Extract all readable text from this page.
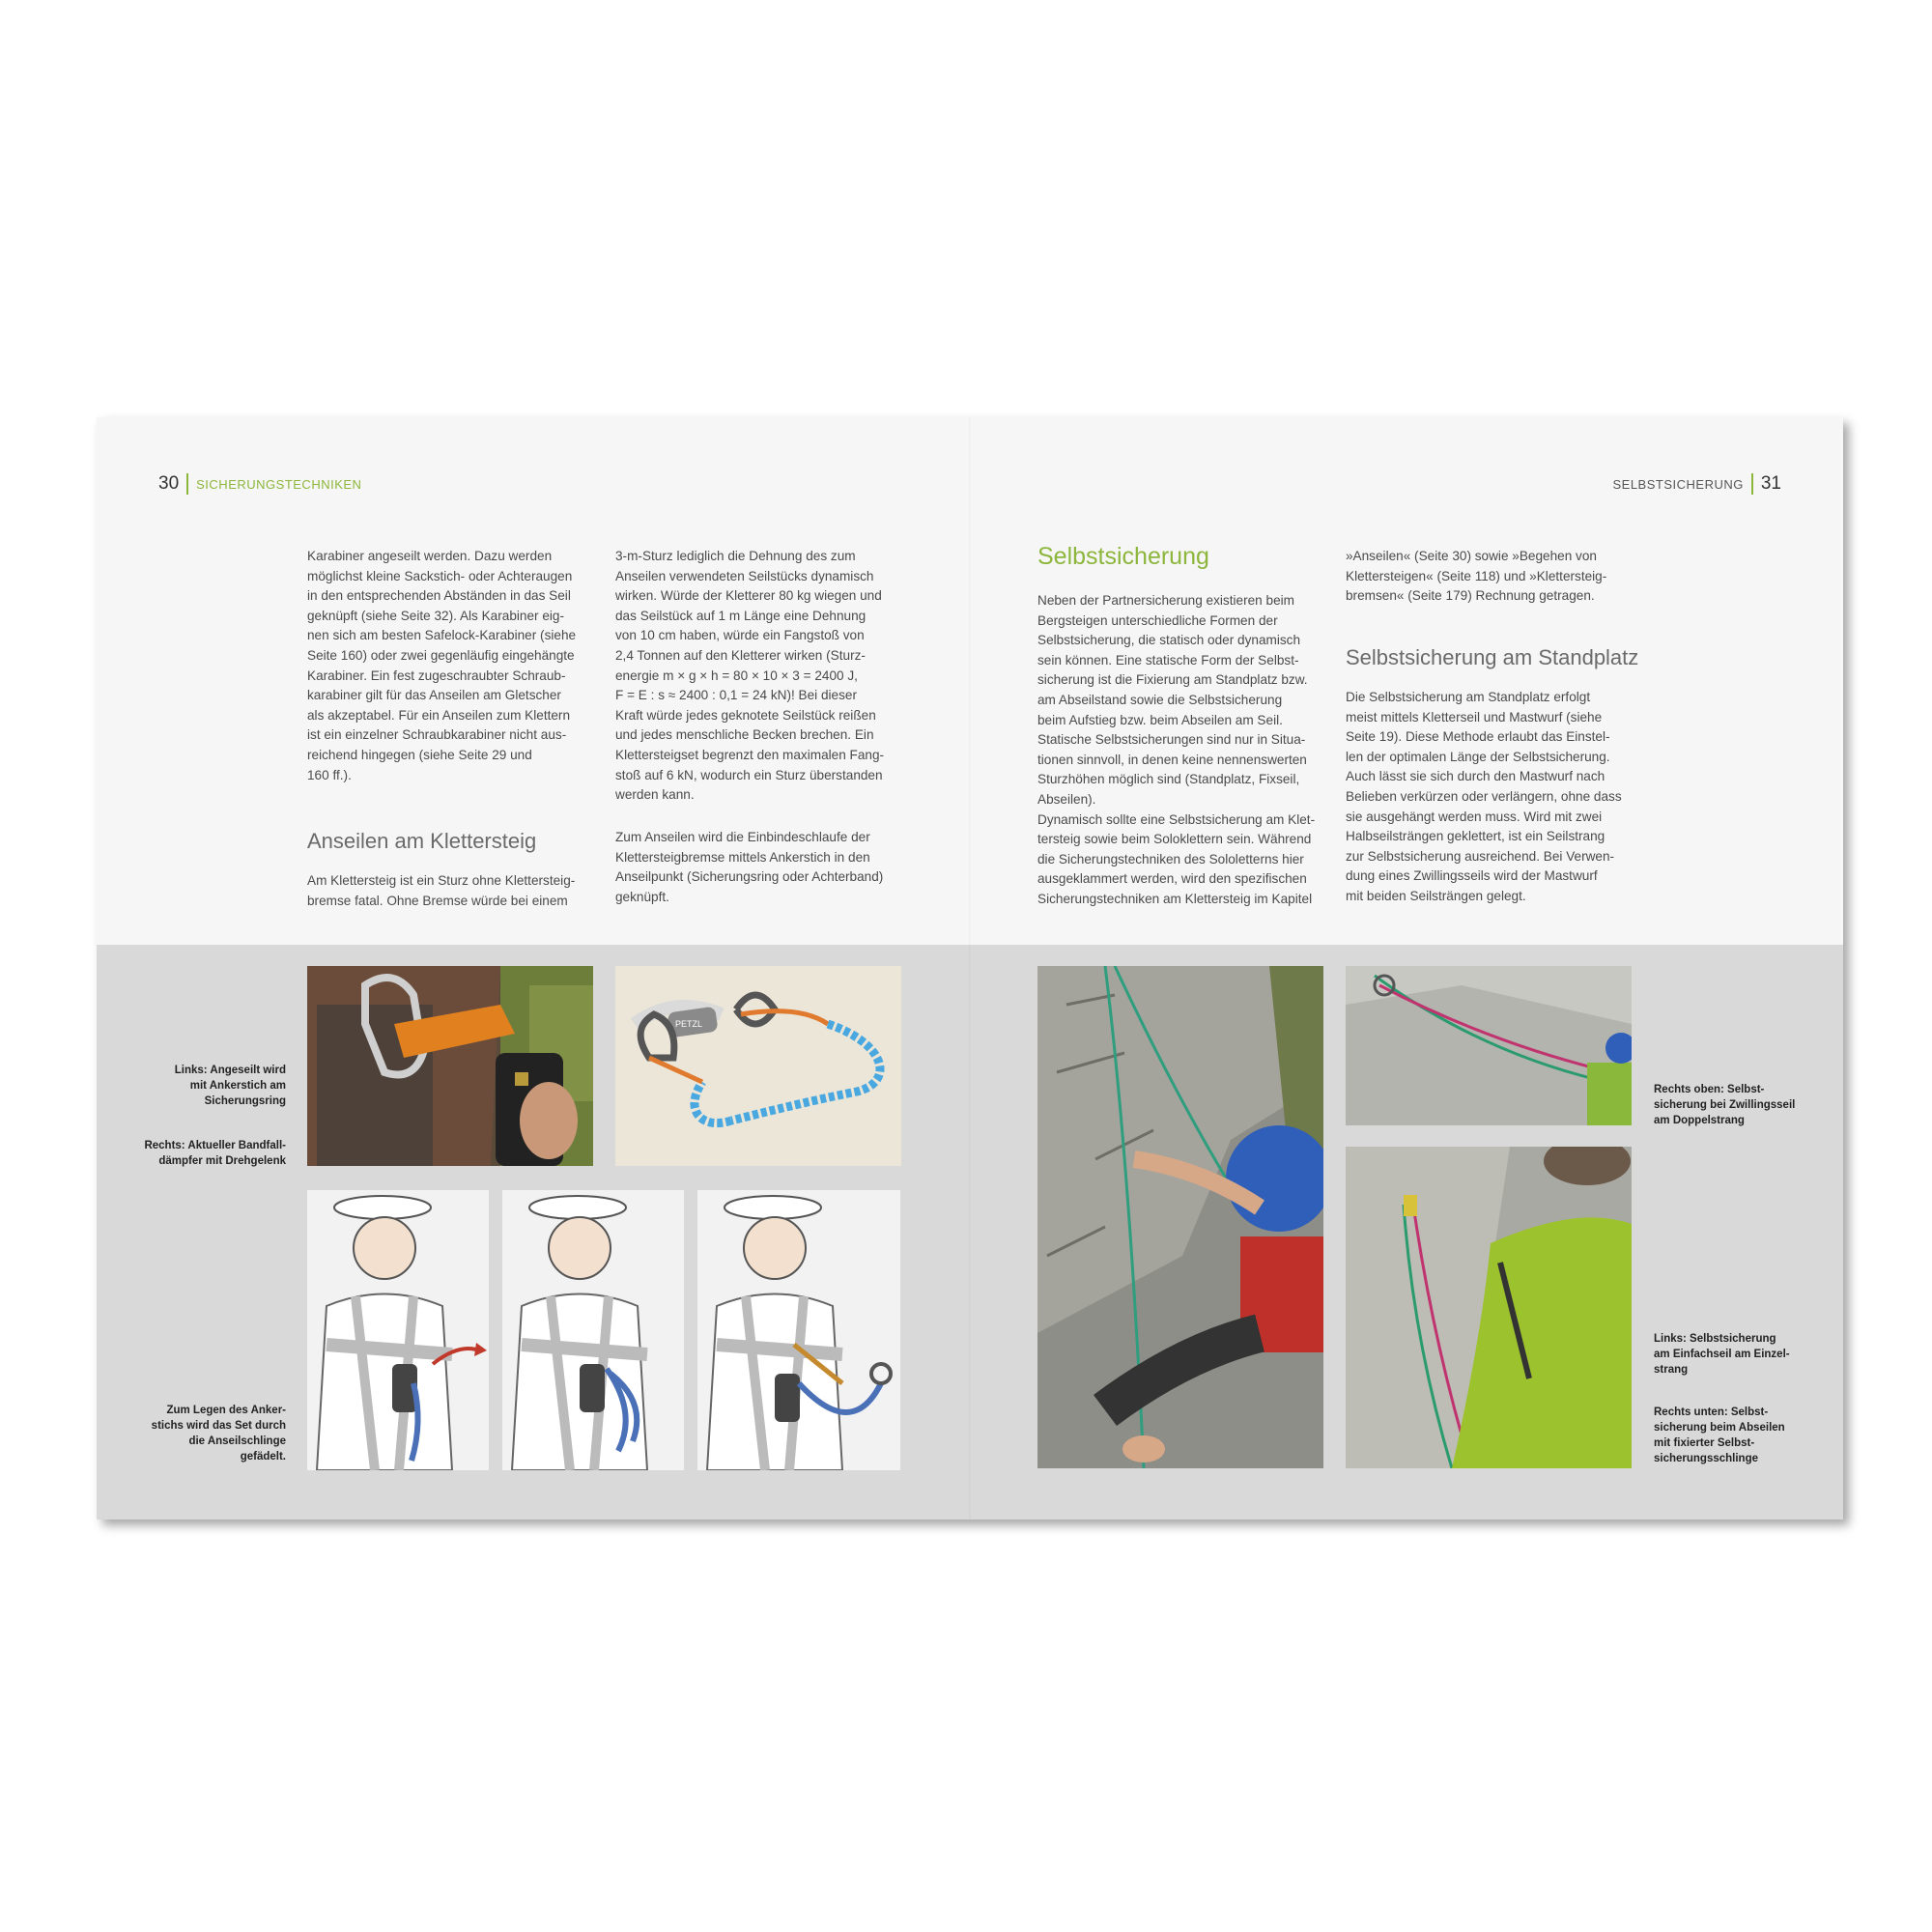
30 SICHERUNGSTECHNIKEN	SELBSTSICHERUNG 31
Karabiner angeseilt werden. Dazu werden
möglichst kleine Sackstich- oder Achteraugen
in den entsprechenden Abständen in das Seil
geknüpft (siehe Seite 32). Als Karabiner eig-
nen sich am besten Safelock-Karabiner (siehe
Seite 160) oder zwei gegenläufig eingehängte
Karabiner. Ein fest zugeschraubter Schraub-
karabiner gilt für das Anseilen am Gletscher
als akzeptabel. Für ein Anseilen zum Klettern
ist ein einzelner Schraubkarabiner nicht aus-
reichend hingegen (siehe Seite 29 und
160 ff.).
Anseilen am Klettersteig
Am Klettersteig ist ein Sturz ohne Klettersteig-
bremse fatal. Ohne Bremse würde bei einem
3-m-Sturz lediglich die Dehnung des zum
Anseilen verwendeten Seilstücks dynamisch
wirken. Würde der Kletterer 80 kg wiegen und
das Seilstück auf 1 m Länge eine Dehnung
von 10 cm haben, würde ein Fangstoß von
2,4 Tonnen auf den Kletterer wirken (Sturz-
energie m × g × h = 80 × 10 × 3 = 2400 J,
F = E : s ≈ 2400 : 0,1 = 24 kN)! Bei dieser
Kraft würde jedes geknotete Seilstück reißen
und jedes menschliche Becken brechen. Ein
Klettersteigset begrenzt den maximalen Fang-
stoß auf 6 kN, wodurch ein Sturz überstanden
werden kann.
Zum Anseilen wird die Einbindeschlaufe der
Klettersteigbremse mittels Ankerstich in den
Anseilpunkt (Sicherungsring oder Achterband)
geknüpft.
Selbstsicherung
Neben der Partnersicherung existieren beim
Bergsteigen unterschiedliche Formen der
Selbstsicherung, die statisch oder dynamisch
sein können. Eine statische Form der Selbst-
sicherung ist die Fixierung am Standplatz bzw.
am Abseilstand sowie die Selbstsicherung
beim Aufstieg bzw. beim Abseilen am Seil.
Statische Selbstsicherungen sind nur in Situa-
tionen sinnvoll, in denen keine nennenswerten
Sturzhöhen möglich sind (Standplatz, Fixseil,
Abseilen).
Dynamisch sollte eine Selbstsicherung am Klet-
tersteig sowie beim Soloklettern sein. Während
die Sicherungstechniken des Sololetterns hier
ausgeklammert werden, wird den spezifischen
Sicherungstechniken am Klettersteig im Kapitel
»Anseilen« (Seite 30) sowie »Begehen von
Klettersteigen« (Seite 118) und »Klettersteig-
bremsen« (Seite 179) Rechnung getragen.
Selbstsicherung am Standplatz
Die Selbstsicherung am Standplatz erfolgt
meist mittels Kletterseil und Mastwurf (siehe
Seite 19). Diese Methode erlaubt das Einstel-
len der optimalen Länge der Selbstsicherung.
Auch lässt sie sich durch den Mastwurf nach
Belieben verkürzen oder verlängern, ohne dass
sie ausgehängt werden muss. Wird mit zwei
Halbseilsträngen geklettert, ist ein Seilstrang
zur Selbstsicherung ausreichend. Bei Verwen-
dung eines Zwillingsseils wird der Mastwurf
mit beiden Seilsträngen gelegt.
Links: Angeseilt wird
mit Ankerstich am
Sicherungsring
Rechts: Aktueller Bandfall-
dämpfer mit Drehgelenk
Zum Legen des Anker-
stichs wird das Set durch
die Anseilschlinge
gefädelt.
Rechts oben: Selbst-
sicherung bei Zwillingsseil
am Doppelstrang
Links: Selbstsicherung
am Einfachseil am Einzel-
strang
Rechts unten: Selbst-
sicherung beim Abseilen
mit fixierter Selbst-
sicherungsschlinge
PETZL
